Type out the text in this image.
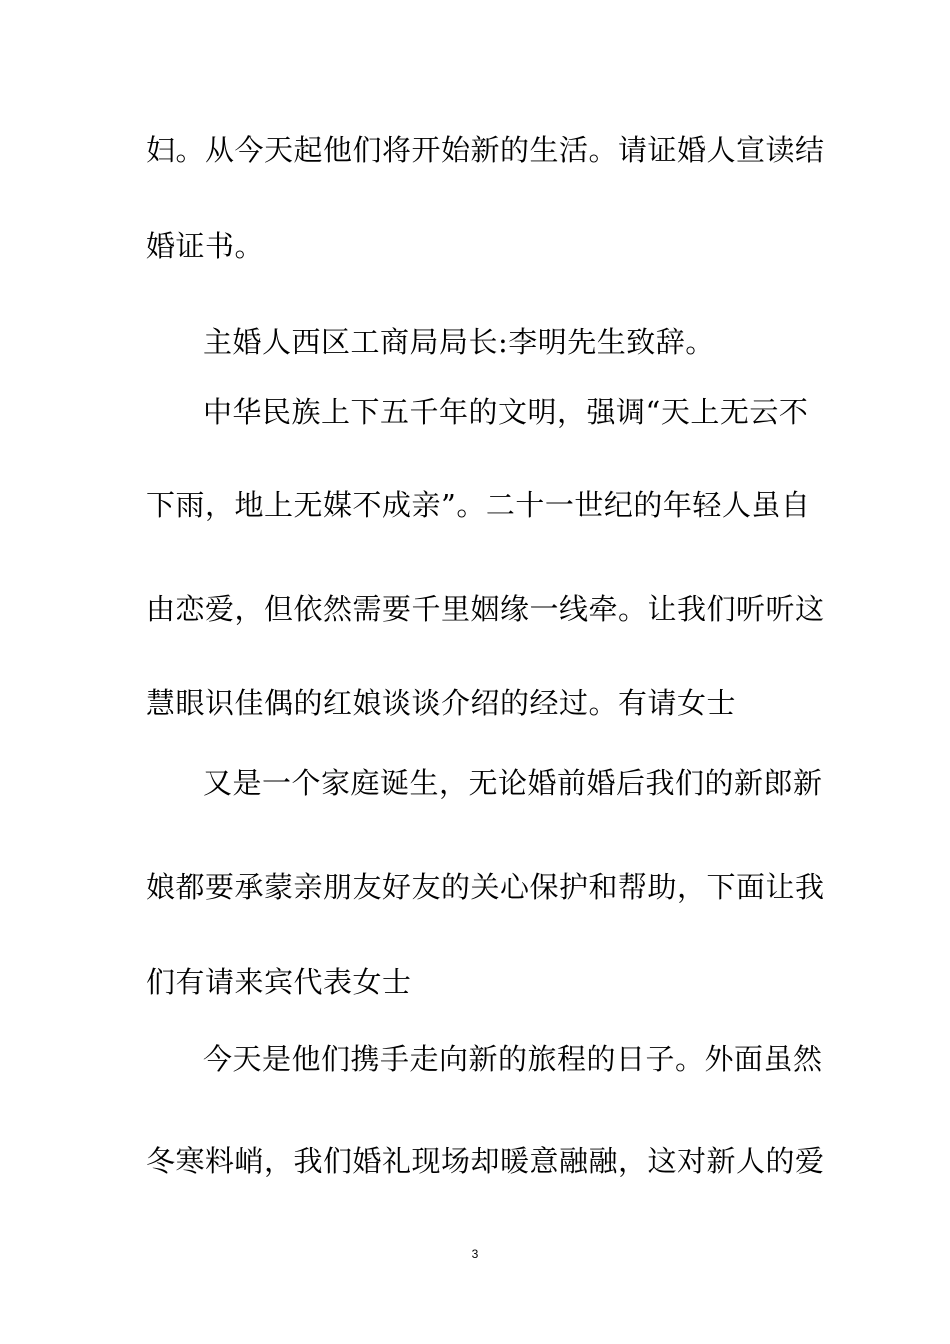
妇。从今天起他们将开始新的生活。请证婚人宣读结
婚证书。
主婚人西区工商局局长:李明先生致辞。
中华民族上下五千年的文明，强调“天上无云不
下雨，地上无媒不成亲”。二十一世纪的年轻人虽自
由恋爱，但依然需要千里姻缘一线牵。让我们听听这
慧眼识佳偶的红娘谈谈介绍的经过。有请女士
又是一个家庭诞生，无论婚前婚后我们的新郎新
娘都要承蒙亲朋友好友的关心保护和帮助，下面让我
们有请来宾代表女士
今天是他们携手走向新的旅程的日子。外面虽然
冬寒料峭，我们婚礼现场却暖意融融，这对新人的爱
3
